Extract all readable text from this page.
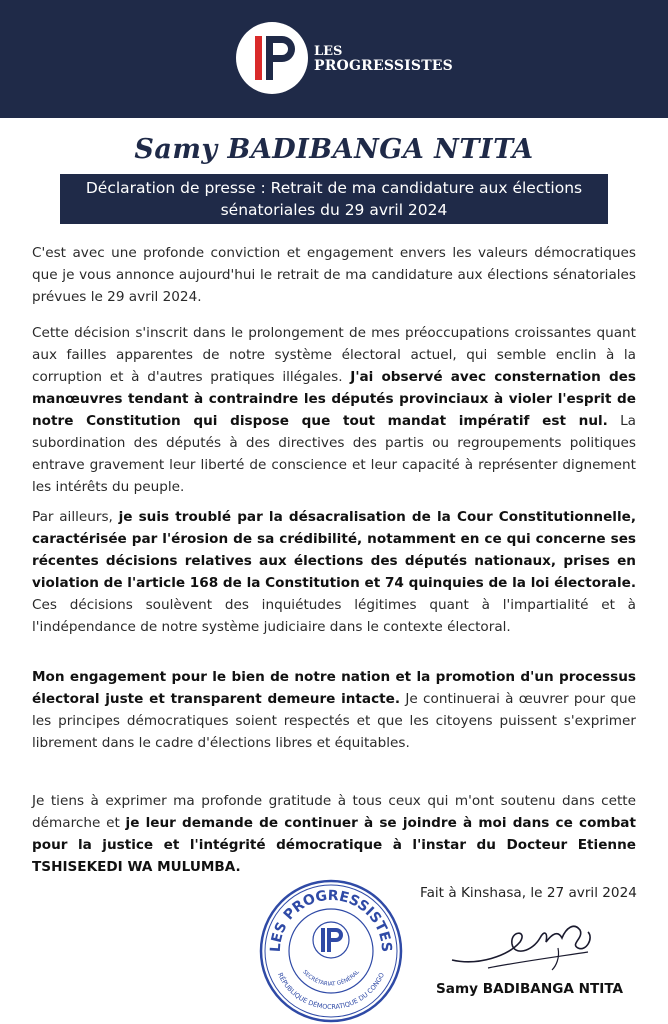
LES
PROGRESSISTES
Samy BADIBANGA NTITA
Déclaration de presse : Retrait de ma candidature aux élections
sénatoriales du 29 avril 2024

C'est avec une profonde conviction et engagement envers les valeurs démocratiques que je vous annonce aujourd'hui le retrait de ma candidature aux élections sénatoriales prévues le 29 avril 2024.

Cette décision s'inscrit dans le prolongement de mes préoccupations croissantes quant aux failles apparentes de notre système électoral actuel, qui semble enclin à la corruption et à d'autres pratiques illégales. J'ai observé avec consternation des manœuvres tendant à contraindre les députés provinciaux à violer l'esprit de notre Constitution qui dispose que tout mandat impératif est nul. La subordination des députés à des directives des partis ou regroupements politiques entrave gravement leur liberté de conscience et leur capacité à représenter dignement les intérêts du peuple.

Par ailleurs, je suis troublé par la désacralisation de la Cour Constitutionnelle, caractérisée par l'érosion de sa crédibilité, notamment en ce qui concerne ses récentes décisions relatives aux élections des députés nationaux, prises en violation de l'article 168 de la Constitution et 74 quinquies de la loi électorale. Ces décisions soulèvent des inquiétudes légitimes quant à l'impartialité et à l'indépendance de notre système judiciaire dans le contexte électoral.

Mon engagement pour le bien de notre nation et la promotion d'un processus électoral juste et transparent demeure intacte. Je continuerai à œuvrer pour que les principes démocratiques soient respectés et que les citoyens puissent s'exprimer librement dans le cadre d'élections libres et équitables.

Je tiens à exprimer ma profonde gratitude à tous ceux qui m'ont soutenu dans cette démarche et je leur demande de continuer à se joindre à moi dans ce combat pour la justice et l'intégrité démocratique à l'instar du Docteur Etienne TSHISEKEDI WA MULUMBA.

LES PROGRESSISTES
RÉPUBLIQUE DÉMOCRATIQUE DU CONGO
SECRÉTARIAT GÉNÉRAL
Fait à Kinshasa, le 27 avril 2024
Samy BADIBANGA NTITA
